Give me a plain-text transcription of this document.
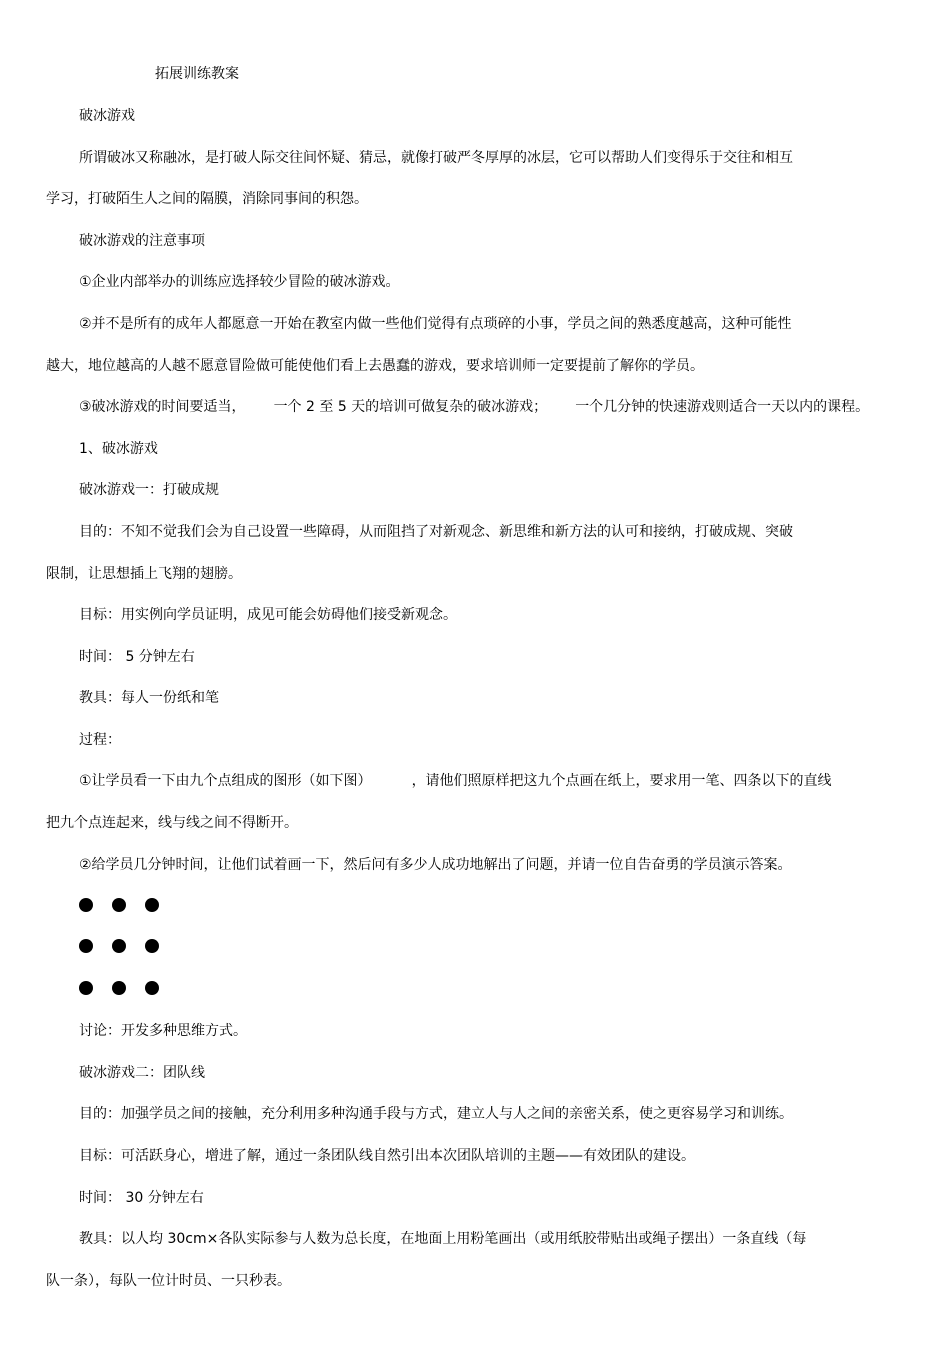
拓展训练教案
破冰游戏
所谓破冰又称融冰，是打破人际交往间怀疑、猜忌，就像打破严冬厚厚的冰层，它可以帮助人们变得乐于交往和相互
学习，打破陌生人之间的隔膜，消除同事间的积怨。
破冰游戏的注意事项
①企业内部举办的训练应选择较少冒险的破冰游戏。
②并不是所有的成年人都愿意一开始在教室内做一些他们觉得有点琐碎的小事，学员之间的熟悉度越高，这种可能性
越大，地位越高的人越不愿意冒险做可能使他们看上去愚蠢的游戏，要求培训师一定要提前了解你的学员。
③破冰游戏的时间要适当， 一个 2 至 5 天的培训可做复杂的破冰游戏； 一个几分钟的快速游戏则适合一天以内的课程。
1、破冰游戏
破冰游戏一：打破成规
目的：不知不觉我们会为自己设置一些障碍，从而阻挡了对新观念、新思维和新方法的认可和接纳，打破成规、突破
限制，让思想插上飞翔的翅膀。
目标：用实例向学员证明，成见可能会妨碍他们接受新观念。
时间： 5 分钟左右
教具：每人一份纸和笔
过程：
①让学员看一下由九个点组成的图形（如下图）	，请他们照原样把这九个点画在纸上，要求用一笔、四条以下的直线
把九个点连起来，线与线之间不得断开。
②给学员几分钟时间，让他们试着画一下，然后问有多少人成功地解出了问题，并请一位自告奋勇的学员演示答案。
讨论：开发多种思维方式。
破冰游戏二：团队线
目的：加强学员之间的接触，充分利用多种沟通手段与方式，建立人与人之间的亲密关系，使之更容易学习和训练。
目标：可活跃身心，增进了解，通过一条团队线自然引出本次团队培训的主题——有效团队的建设。
时间： 30 分钟左右
教具：以人均 30cm×各队实际参与人数为总长度，在地面上用粉笔画出（或用纸胶带贴出或绳子摆出）一条直线（每
队一条），每队一位计时员、一只秒表。
